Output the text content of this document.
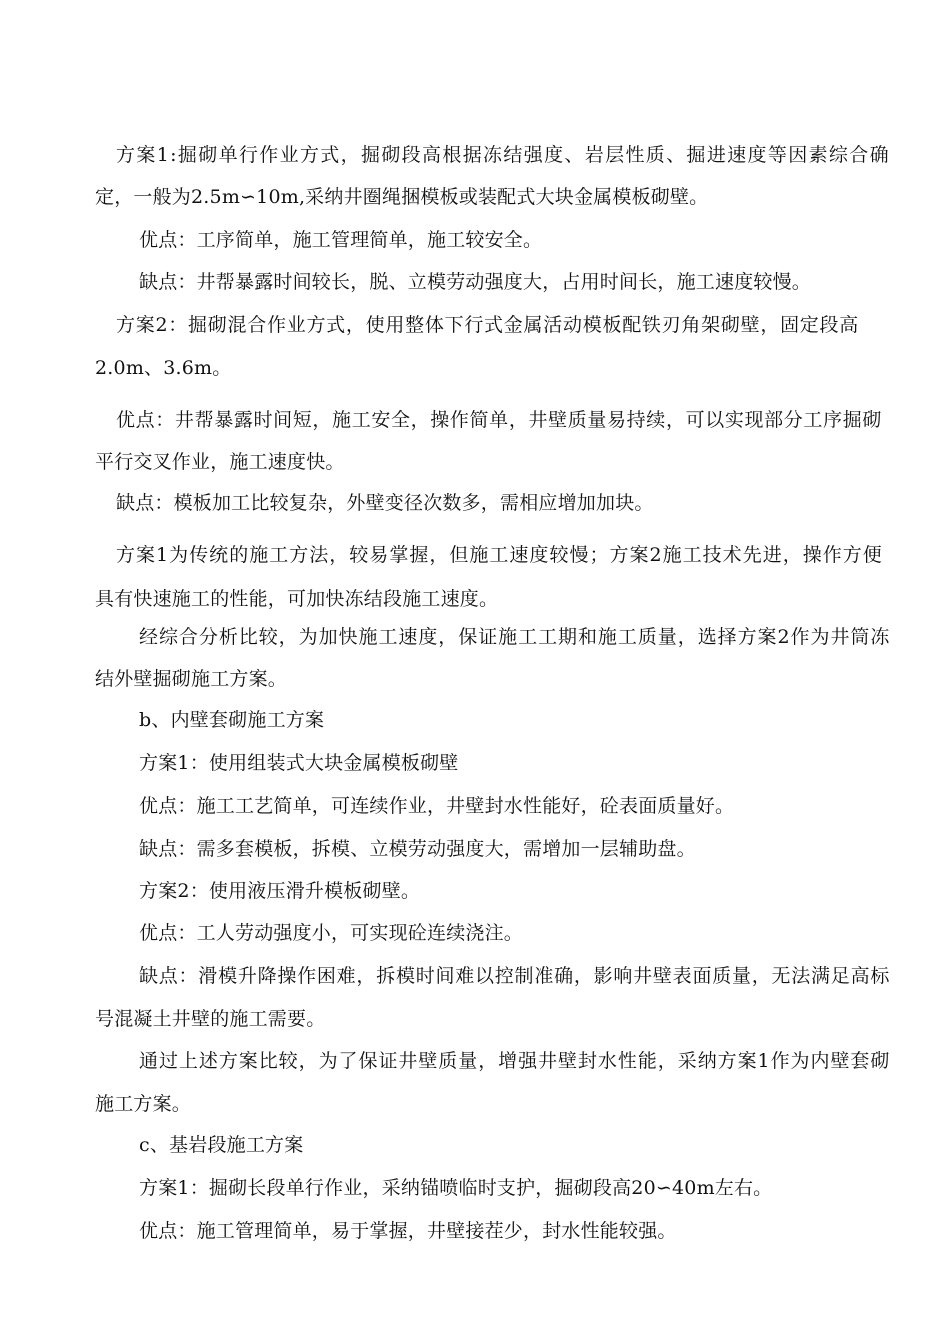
方 案 1 : 掘 砌 单 行 作 业 方 式 ， 掘 砌 段 高 根 据 冻 结 强 度 、 岩 层 性 质 、 掘 进 速 度 等 因 素 综 合 确
定，一般为2.5m∽10m,采纳井圈绳捆模板或装配式大块金属模板砌壁。
优点：工序简单，施工管理简单，施工较安全。
缺点：井帮暴露时间较长，脱、立模劳动强度大，占用时间长，施工速度较慢。
方 案 2 ： 掘 砌 混 合 作 业 方 式 ， 使 用 整 体 下 行 式 金 属 活 动 模 板 配 铁 刃 角 架 砌 壁 ， 固 定 段 高
2.0m、3.6m。
优 点 ： 井 帮 暴 露 时 间 短 ， 施 工 安 全 ， 操 作 简 单 ， 井 壁 质 量 易 持 续 ， 可 以 实 现 部 分 工 序 掘 砌
平行交叉作业，施工速度快。
缺点：模板加工比较复杂，外壁变径次数多，需相应增加加块。
方 案 1 为 传 统 的 施 工 方 法 ， 较 易 掌 握 ， 但 施 工 速 度 较 慢 ； 方 案 2 施 工 技 术 先 进 ， 操 作 方 便
具有快速施工的性能，可加快冻结段施工速度。
经 综 合 分 析 比 较 ， 为 加 快 施 工 速 度 ， 保 证 施 工 工 期 和 施 工 质 量 ， 选 择 方 案 2 作 为 井 筒 冻
结外壁掘砌施工方案。
b、内壁套砌施工方案
方案1：使用组装式大块金属模板砌壁
优点：施工工艺简单，可连续作业，井壁封水性能好，砼表面质量好。
缺点：需多套模板，拆模、立模劳动强度大，需增加一层辅助盘。
方案2：使用液压滑升模板砌壁。
优点：工人劳动强度小，可实现砼连续浇注。
缺 点 ： 滑 模 升 降 操 作 困 难 ， 拆 模 时 间 难 以 控 制 准 确 ， 影 响 井 壁 表 面 质 量 ， 无 法 满 足 高 标
号混凝土井壁的施工需要。
通 过 上 述 方 案 比 较 ， 为 了 保 证 井 壁 质 量 ， 增 强 井 壁 封 水 性 能 ， 采 纳 方 案 1 作 为 内 壁 套 砌
施工方案。
c、基岩段施工方案
方案1：掘砌长段单行作业，采纳锚喷临时支护，掘砌段高20∽40m左右。
优点：施工管理简单，易于掌握，井壁接茬少，封水性能较强。
